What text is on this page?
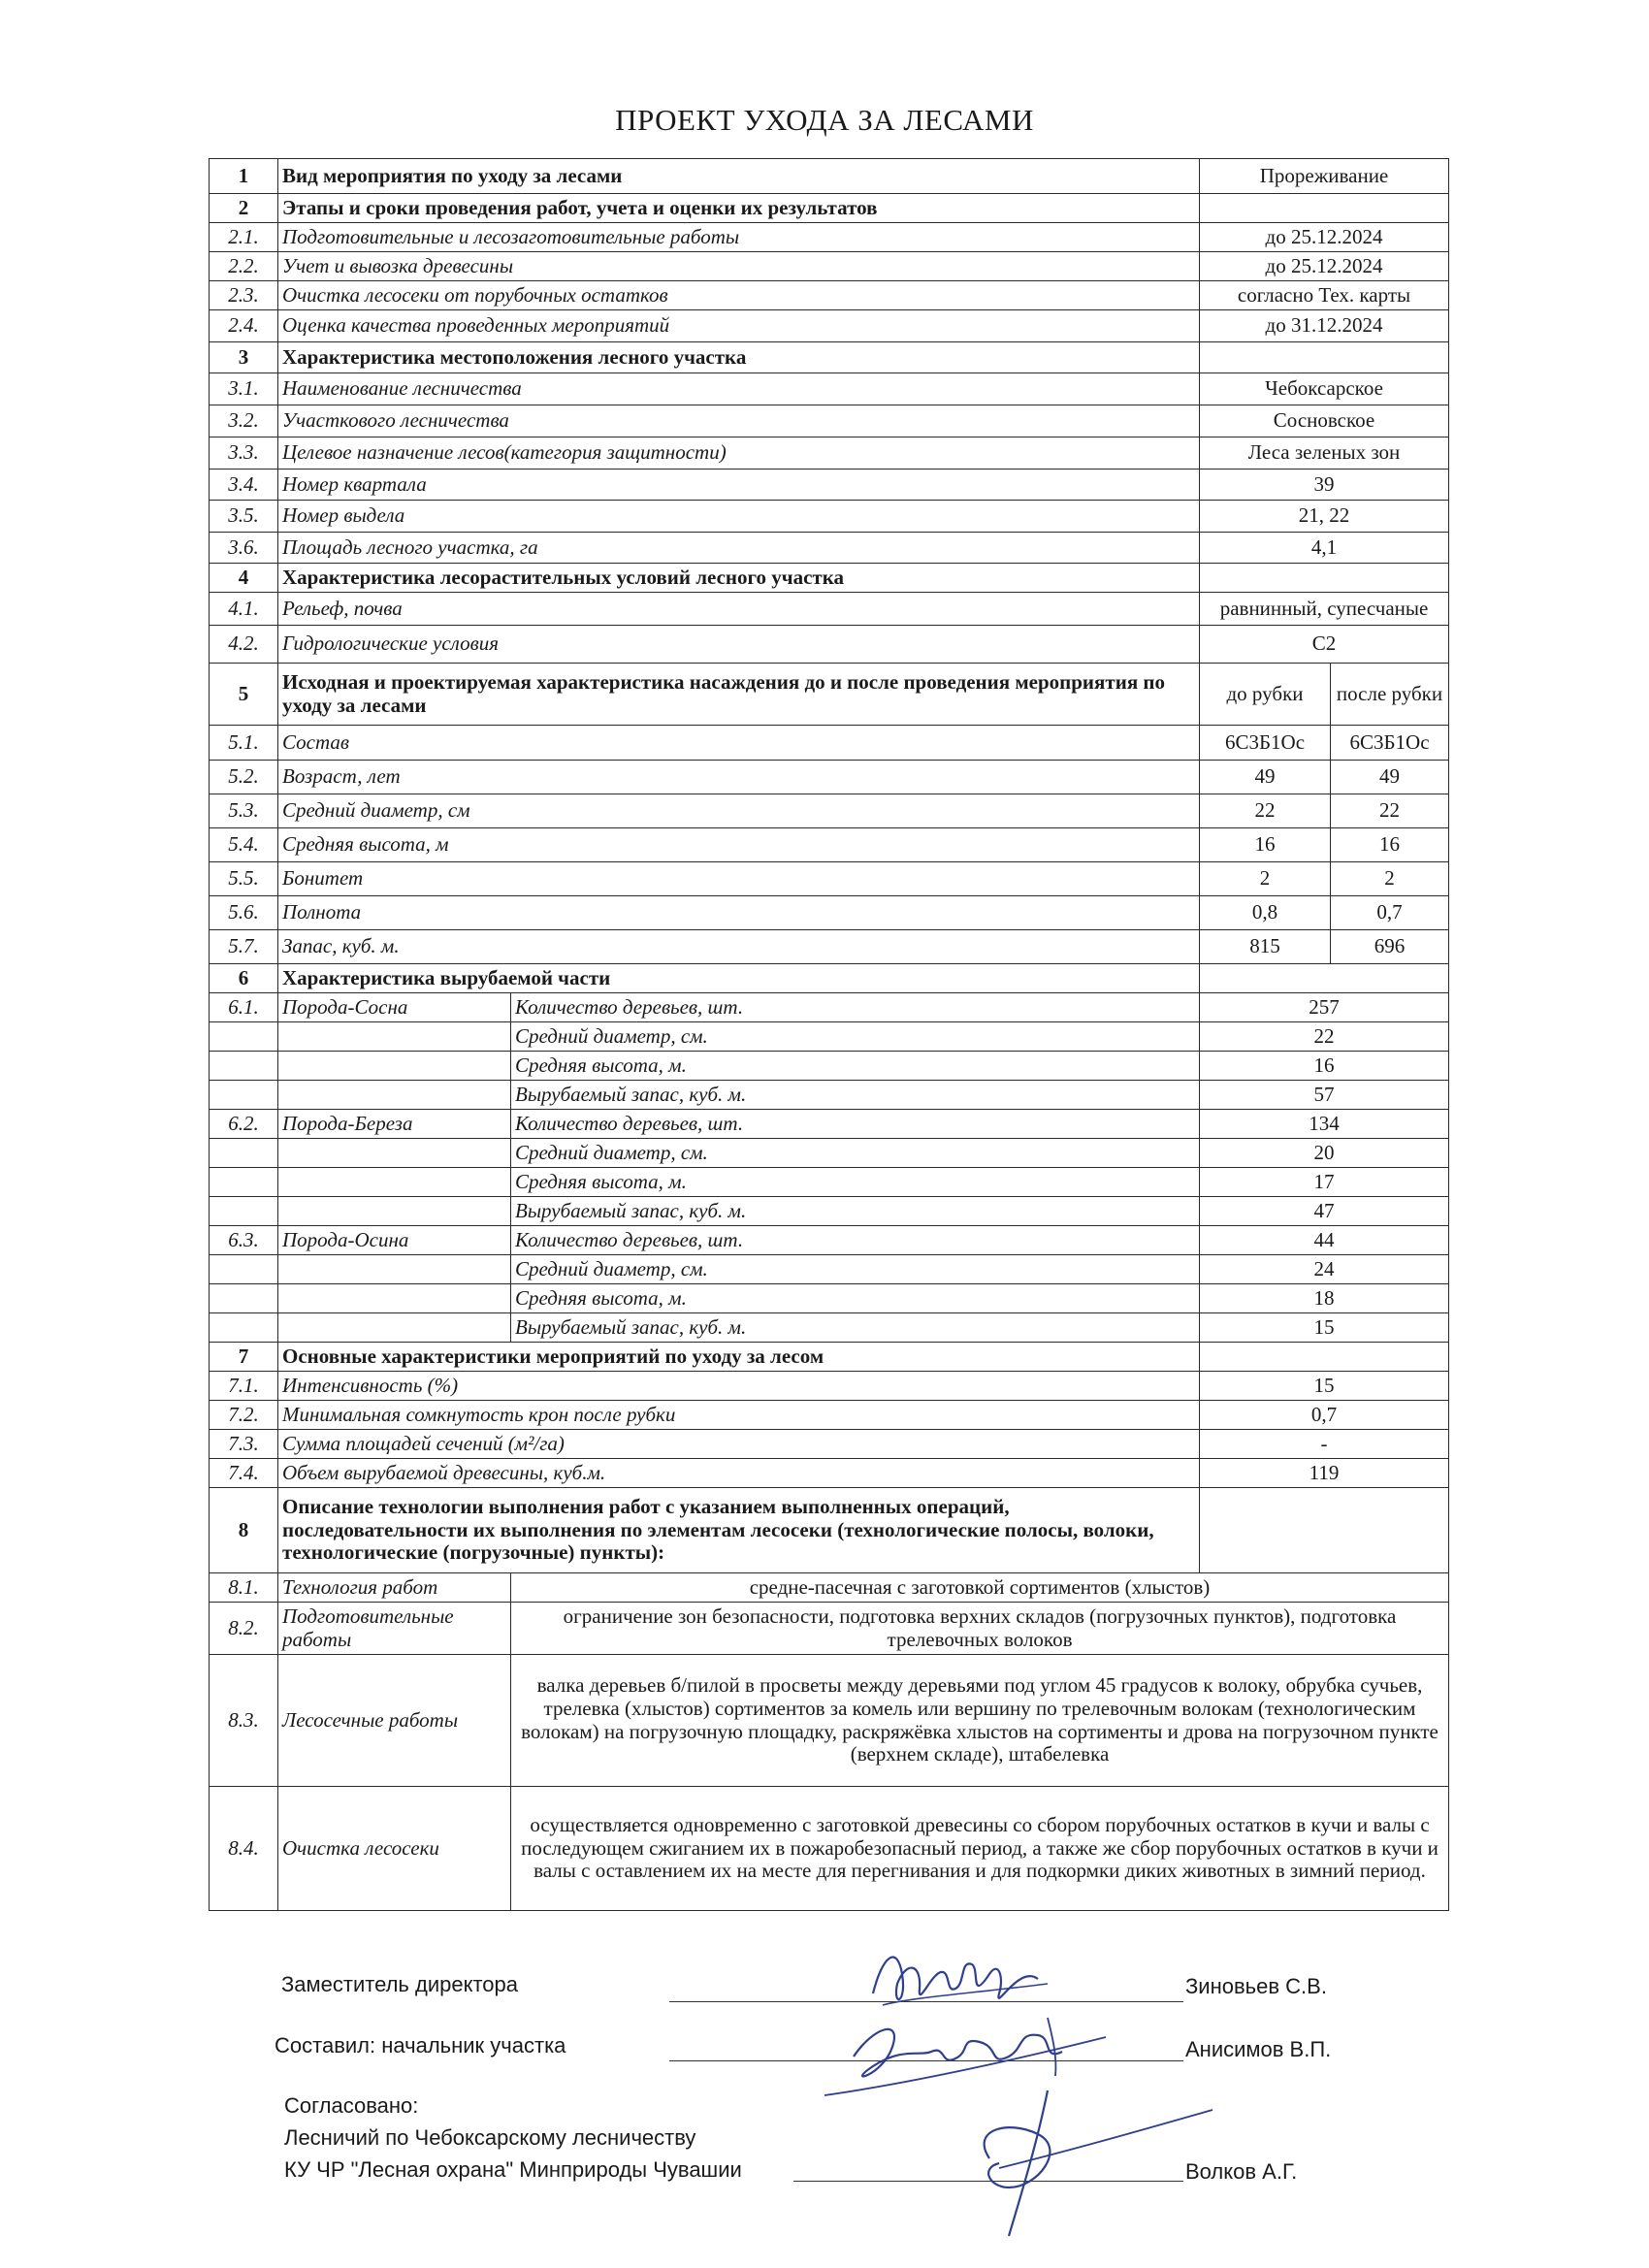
ПРОЕКТ УХОДА ЗА ЛЕСАМИ
1	Вид мероприятия по уходу за лесами		Прореживание	
2	Этапы и сроки проведения работ, учета и оценки их результатов			
2.1.	Подготовительные и лесозаготовительные работы		до 25.12.2024	
2.2.	Учет и вывозка древесины		до 25.12.2024	
2.3.	Очистка лесосеки от порубочных остатков		согласно Тех. карты	
2.4.	Оценка качества проведенных мероприятий		до 31.12.2024	
3	Характеристика местоположения лесного участка			
3.1.	Наименование лесничества		Чебоксарское	
3.2.	Участкового лесничества		Сосновское	
3.3.	Целевое назначение лесов(категория защитности)		Леса зеленых зон	
3.4.	Номер квартала		39	
3.5.	Номер выдела		21, 22	
3.6.	Площадь лесного участка, га		4,1	
4	Характеристика лесорастительных условий лесного участка			
4.1.	Рельеф, почва		равнинный, супесчаные	
4.2.	Гидрологические условия		С2	
5	Исходная и проектируемая характеристика насаждения до и после проведения мероприятия по уходу за лесами		до рубки	после рубки
5.1.	Состав		6С3Б1Ос	6С3Б1Ос
5.2.	Возраст, лет		49	49
5.3.	Средний диаметр, см		22	22
5.4.	Средняя высота, м		16	16
5.5.	Бонитет		2	2
5.6.	Полнота		0,8	0,7
5.7.	Запас, куб. м.		815	696
6	Характеристика вырубаемой части			
6.1.	Порода-Сосна	Количество деревьев, шт.	257	
		Средний диаметр, см.	22	
		Средняя высота, м.	16	
		Вырубаемый запас, куб. м.	57	
6.2.	Порода-Береза	Количество деревьев, шт.	134	
		Средний диаметр, см.	20	
		Средняя высота, м.	17	
		Вырубаемый запас, куб. м.	47	
6.3.	Порода-Осина	Количество деревьев, шт.	44	
		Средний диаметр, см.	24	
		Средняя высота, м.	18	
		Вырубаемый запас, куб. м.	15	
7	Основные характеристики мероприятий по уходу за лесом			
7.1.	Интенсивность (%)		15	
7.2.	Минимальная сомкнутость крон после рубки		0,7	
7.3.	Сумма площадей сечений (м²/га)		-	
7.4.	Объем вырубаемой древесины, куб.м.		119	
8	Описание технологии выполнения работ с указанием выполненных операций, последовательности их выполнения по элементам лесосеки (технологические полосы, волоки, технологические (погрузочные) пункты):			
8.1.	Технология работ	средне-пасечная с заготовкой сортиментов (хлыстов)		
8.2.	Подготовительные работы	ограничение зон безопасности, подготовка верхних складов (погрузочных пунктов), подготовка трелевочных волоков		
8.3.	Лесосечные работы	валка деревьев б/пилой в просветы между деревьями под углом 45 градусов к волоку, обрубка сучьев, трелевка (хлыстов) сортиментов за комель или вершину по трелевочным волокам (технологическим волокам) на погрузочную площадку, раскряжёвка хлыстов на сортименты и дрова на погрузочном пункте (верхнем складе), штабелевка		
8.4.	Очистка лесосеки	осуществляется одновременно с заготовкой древесины со сбором порубочных остатков в кучи и валы с последующем сжиганием их в пожаробезопасный период, а также же сбор порубочных остатков в кучи и валы с оставлением их на месте для перегнивания и для подкормки диких животных в зимний период.		
Заместитель директора	Зиновьев С.В.
Составил: начальник участка	Анисимов В.П.
Согласовано:
Лесничий по Чебоксарскому лесничеству
КУ ЧР "Лесная охрана" Минприроды Чувашии	Волков А.Г.
